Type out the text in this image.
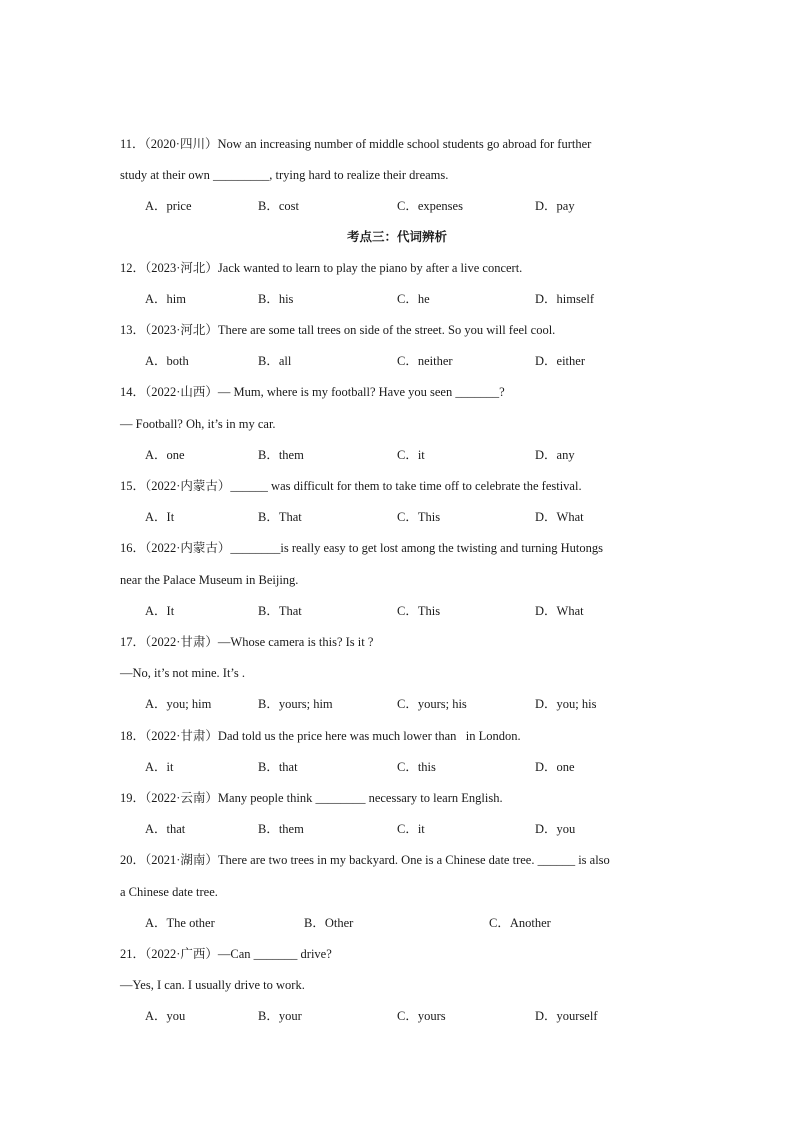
11．（2020·四川）Now an increasing number of middle school students go abroad for further
study at their own _________, trying hard to realize their dreams.
A．price	B．cost	C．expenses	D．pay
考点三：代词辨析
12．（2023·河北）Jack wanted to learn to play the piano by after a live concert.
A．him	B．his	C．he	D．himself
13．（2023·河北）There are some tall trees on side of the street. So you will feel cool.
A．both	B．all	C．neither	D．either
14．（2022·山西）— Mum, where is my football? Have you seen _______?
— Football? Oh, it’s in my car.
A．one	B．them	C．it	D．any
15．（2022·内蒙古）______ was difficult for them to take time off to celebrate the festival.
A．It	B．That	C．This	D．What
16．（2022·内蒙古）________is really easy to get lost among the twisting and turning Hutongs
near the Palace Museum in Beijing.
A．It	B．That	C．This	D．What
17．（2022·甘肃）—Whose camera is this? Is it ?
—No, it’s not mine. It’s .
A．you; him	B．yours; him	C．yours; his	D．you; his
18．（2022·甘肃）Dad told us the price here was much lower than   in London.
A．it	B．that	C．this	D．one
19．（2022·云南）Many people think ________ necessary to learn English.
A．that	B．them	C．it	D．you
20．（2021·湖南）There are two trees in my backyard. One is a Chinese date tree. ______ is also
a Chinese date tree.
A．The other	B．Other	C．Another
21．（2022·广西）—Can _______ drive?
—Yes, I can. I usually drive to work.
A．you	B．your	C．yours	D．yourself
